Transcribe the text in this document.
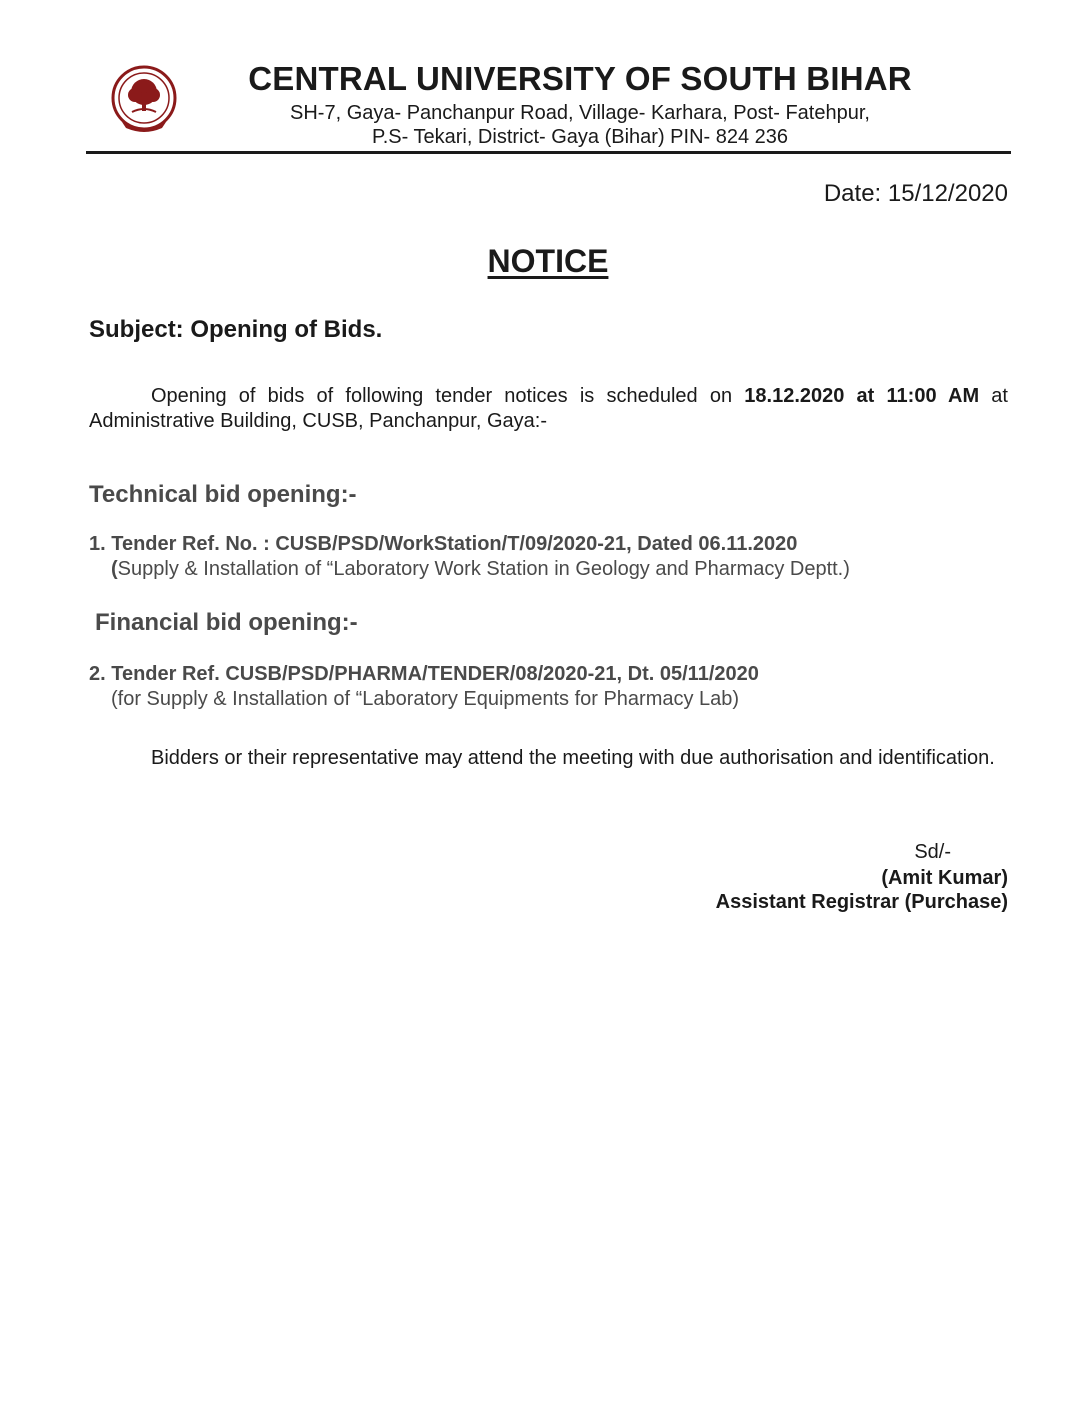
CENTRAL UNIVERSITY OF SOUTH BIHAR
SH-7, Gaya- Panchanpur Road, Village- Karhara, Post- Fatehpur,
P.S- Tekari, District- Gaya (Bihar) PIN- 824 236
Date: 15/12/2020
NOTICE
Subject: Opening of Bids.
Opening of bids of following tender notices is scheduled on 18.12.2020 at 11:00 AM at Administrative Building, CUSB, Panchanpur, Gaya:-
Technical bid opening:-
1. Tender Ref. No. : CUSB/PSD/WorkStation/T/09/2020-21, Dated 06.11.2020
(Supply & Installation of “Laboratory Work Station in Geology and Pharmacy Deptt.)
Financial bid opening:-
2. Tender Ref. CUSB/PSD/PHARMA/TENDER/08/2020-21, Dt. 05/11/2020
(for Supply & Installation of “Laboratory Equipments for Pharmacy Lab)
Bidders or their representative may attend the meeting with due authorisation and identification.
Sd/-
(Amit Kumar)
Assistant Registrar (Purchase)
